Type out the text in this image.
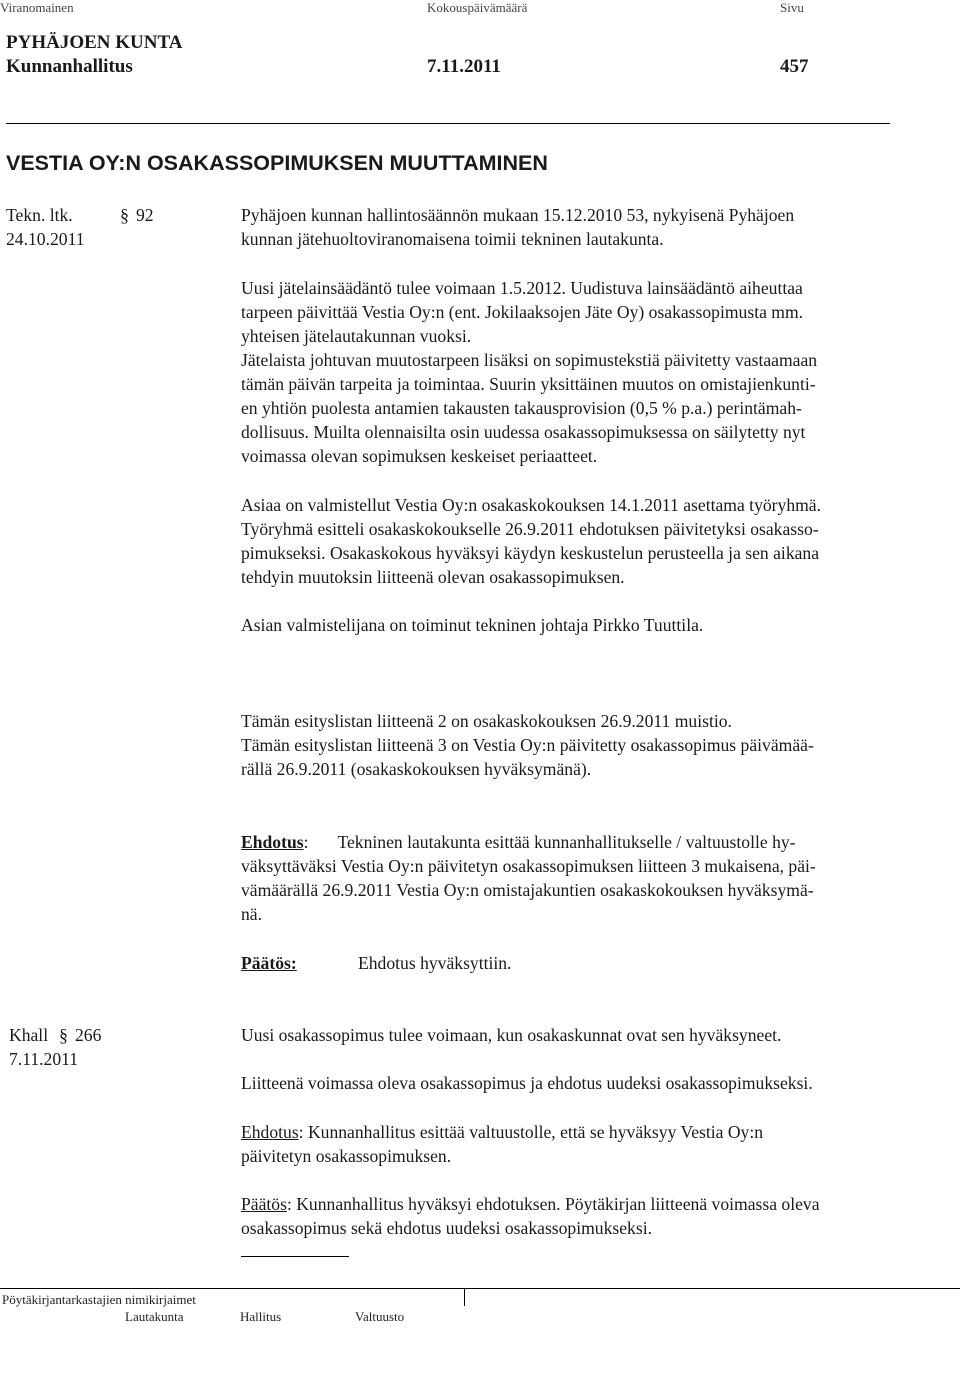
Viranomainen	Kokouspäivämäärä	Sivu
PYHÄJOEN KUNTA
Kunnanhallitus	7.11.2011	457
VESTIA OY:N OSAKASSOPIMUKSEN MUUTTAMINEN
Tekn. ltk.	§ 92
24.10.2011
Pyhäjoen kunnan hallintosäännön mukaan 15.12.2010 53, nykyisenä Pyhäjoen
kunnan jätehuoltoviranomaisena toimii tekninen lautakunta.
Uusi jätelainsäädäntö tulee voimaan 1.5.2012. Uudistuva lainsäädäntö aiheuttaa
tarpeen päivittää Vestia Oy:n (ent. Jokilaaksojen Jäte Oy) osakassopimusta mm.
yhteisen jätelautakunnan vuoksi.
Jätelaista johtuvan muutostarpeen lisäksi on sopimustekstiä päivitetty vastaamaan
tämän päivän tarpeita ja toimintaa. Suurin yksittäinen muutos on omistajienkunti-
en yhtiön puolesta antamien takausten takausprovision (0,5 % p.a.) perintämah-
dollisuus. Muilta olennaisilta osin uudessa osakassopimuksessa on säilytetty nyt
voimassa olevan sopimuksen keskeiset periaatteet.
Asiaa on valmistellut Vestia Oy:n osakaskokouksen 14.1.2011 asettama työryhmä.
Työryhmä esitteli osakaskokoukselle 26.9.2011 ehdotuksen päivitetyksi osakasso-
pimukseksi. Osakaskokous hyväksyi käydyn keskustelun perusteella ja sen aikana
tehdyin muutoksin liitteenä olevan osakassopimuksen.
Asian valmistelijana on toiminut tekninen johtaja Pirkko Tuuttila.
Tämän esityslistan liitteenä 2 on osakaskokouksen 26.9.2011 muistio.
Tämän esityslistan liitteenä 3 on Vestia Oy:n päivitetty osakassopimus päivämää-
rällä 26.9.2011 (osakaskokouksen hyväksymänä).
Ehdotus: Tekninen lautakunta esittää kunnanhallitukselle / valtuustolle hy-
väksyttäväksi Vestia Oy:n päivitetyn osakassopimuksen liitteen 3 mukaisena, päi-
vämäärällä 26.9.2011 Vestia Oy:n omistajakuntien osakaskokouksen hyväksymä-
nä.
Päätös:	Ehdotus hyväksyttiin.
Khall § 266
7.11.2011
Uusi osakassopimus tulee voimaan, kun osakaskunnat ovat sen hyväksyneet.
Liitteenä voimassa oleva osakassopimus ja ehdotus uudeksi osakassopimukseksi.
Ehdotus: Kunnanhallitus esittää valtuustolle, että se hyväksyy Vestia Oy:n
päivitetyn osakassopimuksen.
Päätös: Kunnanhallitus hyväksyi ehdotuksen. Pöytäkirjan liitteenä voimassa oleva
osakassopimus sekä ehdotus uudeksi osakassopimukseksi.
Pöytäkirjantarkastajien nimikirjaimet
Lautakunta	Hallitus	Valtuusto
